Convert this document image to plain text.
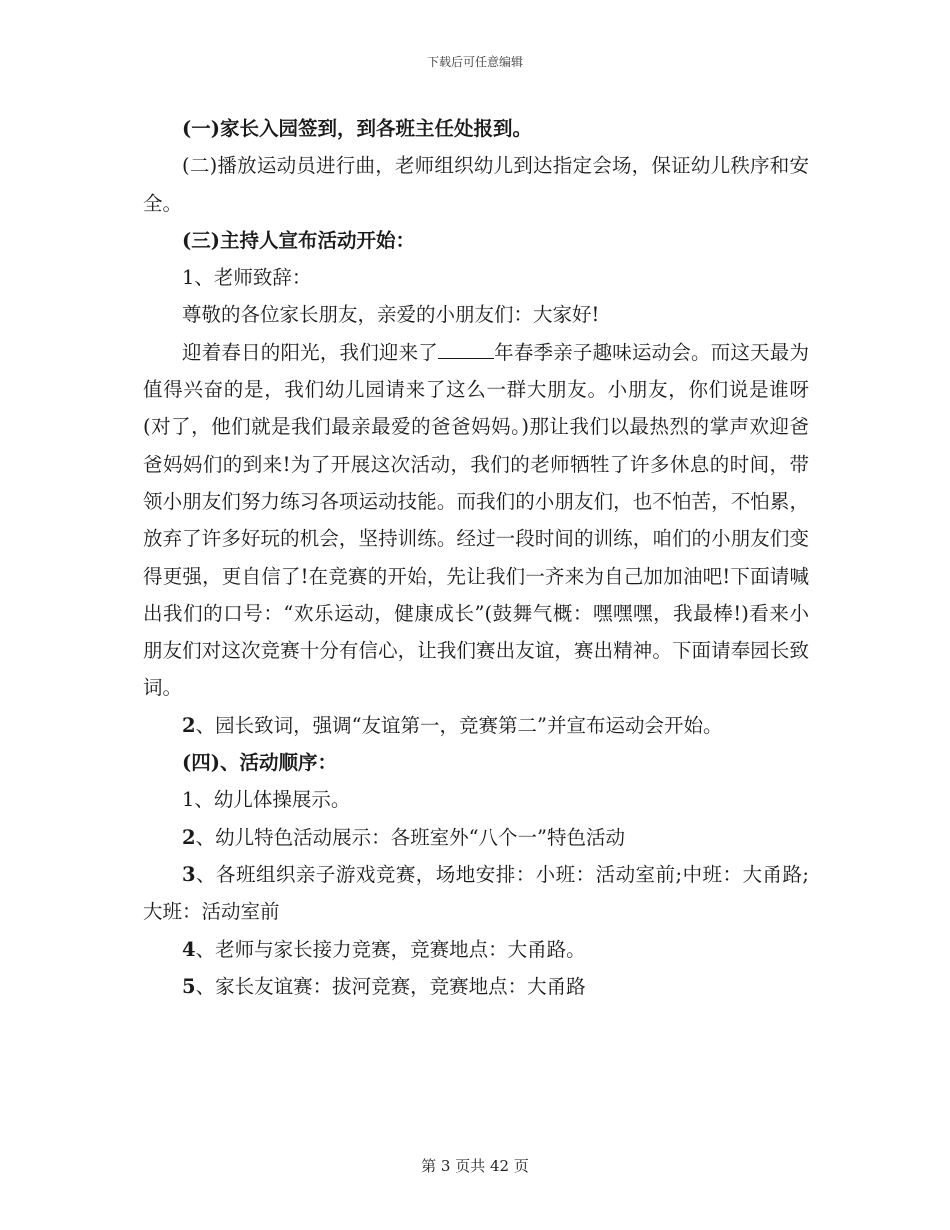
下载后可任意编辑

(一)家长入园签到，到各班主任处报到。

(二)播放运动员进行曲，老师组织幼儿到达指定会场，保证幼儿秩序和安全。

(三)主持人宣布活动开始：

1、老师致辞：

尊敬的各位家长朋友，亲爱的小朋友们：大家好!

迎着春日的阳光，我们迎来了	年春季亲子趣味运动会。而这天最为值得兴奋的是，我们幼儿园请来了这么一群大朋友。小朋友，你们说是谁呀(对了，他们就是我们最亲最爱的爸爸妈妈。)那让我们以最热烈的掌声欢迎爸爸妈妈们的到来!为了开展这次活动，我们的老师牺牲了许多休息的时间，带领小朋友们努力练习各项运动技能。而我们的小朋友们，也不怕苦，不怕累，放弃了许多好玩的机会，坚持训练。经过一段时间的训练，咱们的小朋友们变得更强，更自信了!在竞赛的开始，先让我们一齐来为自己加加油吧!下面请喊出我们的口号：“欢乐运动，健康成长”(鼓舞气概：嘿嘿嘿，我最棒!)看来小朋友们对这次竞赛十分有信心，让我们赛出友谊，赛出精神。下面请奉园长致词。

2、园长致词，强调“友谊第一，竞赛第二”并宣布运动会开始。

(四)、活动顺序：

1、幼儿体操展示。

2、幼儿特色活动展示：各班室外“八个一”特色活动

3、各班组织亲子游戏竞赛，场地安排：小班：活动室前;中班：大甬路;大班：活动室前

4、老师与家长接力竞赛，竞赛地点：大甬路。

5、家长友谊赛：拔河竞赛，竞赛地点：大甬路

第 3 页共 42 页
